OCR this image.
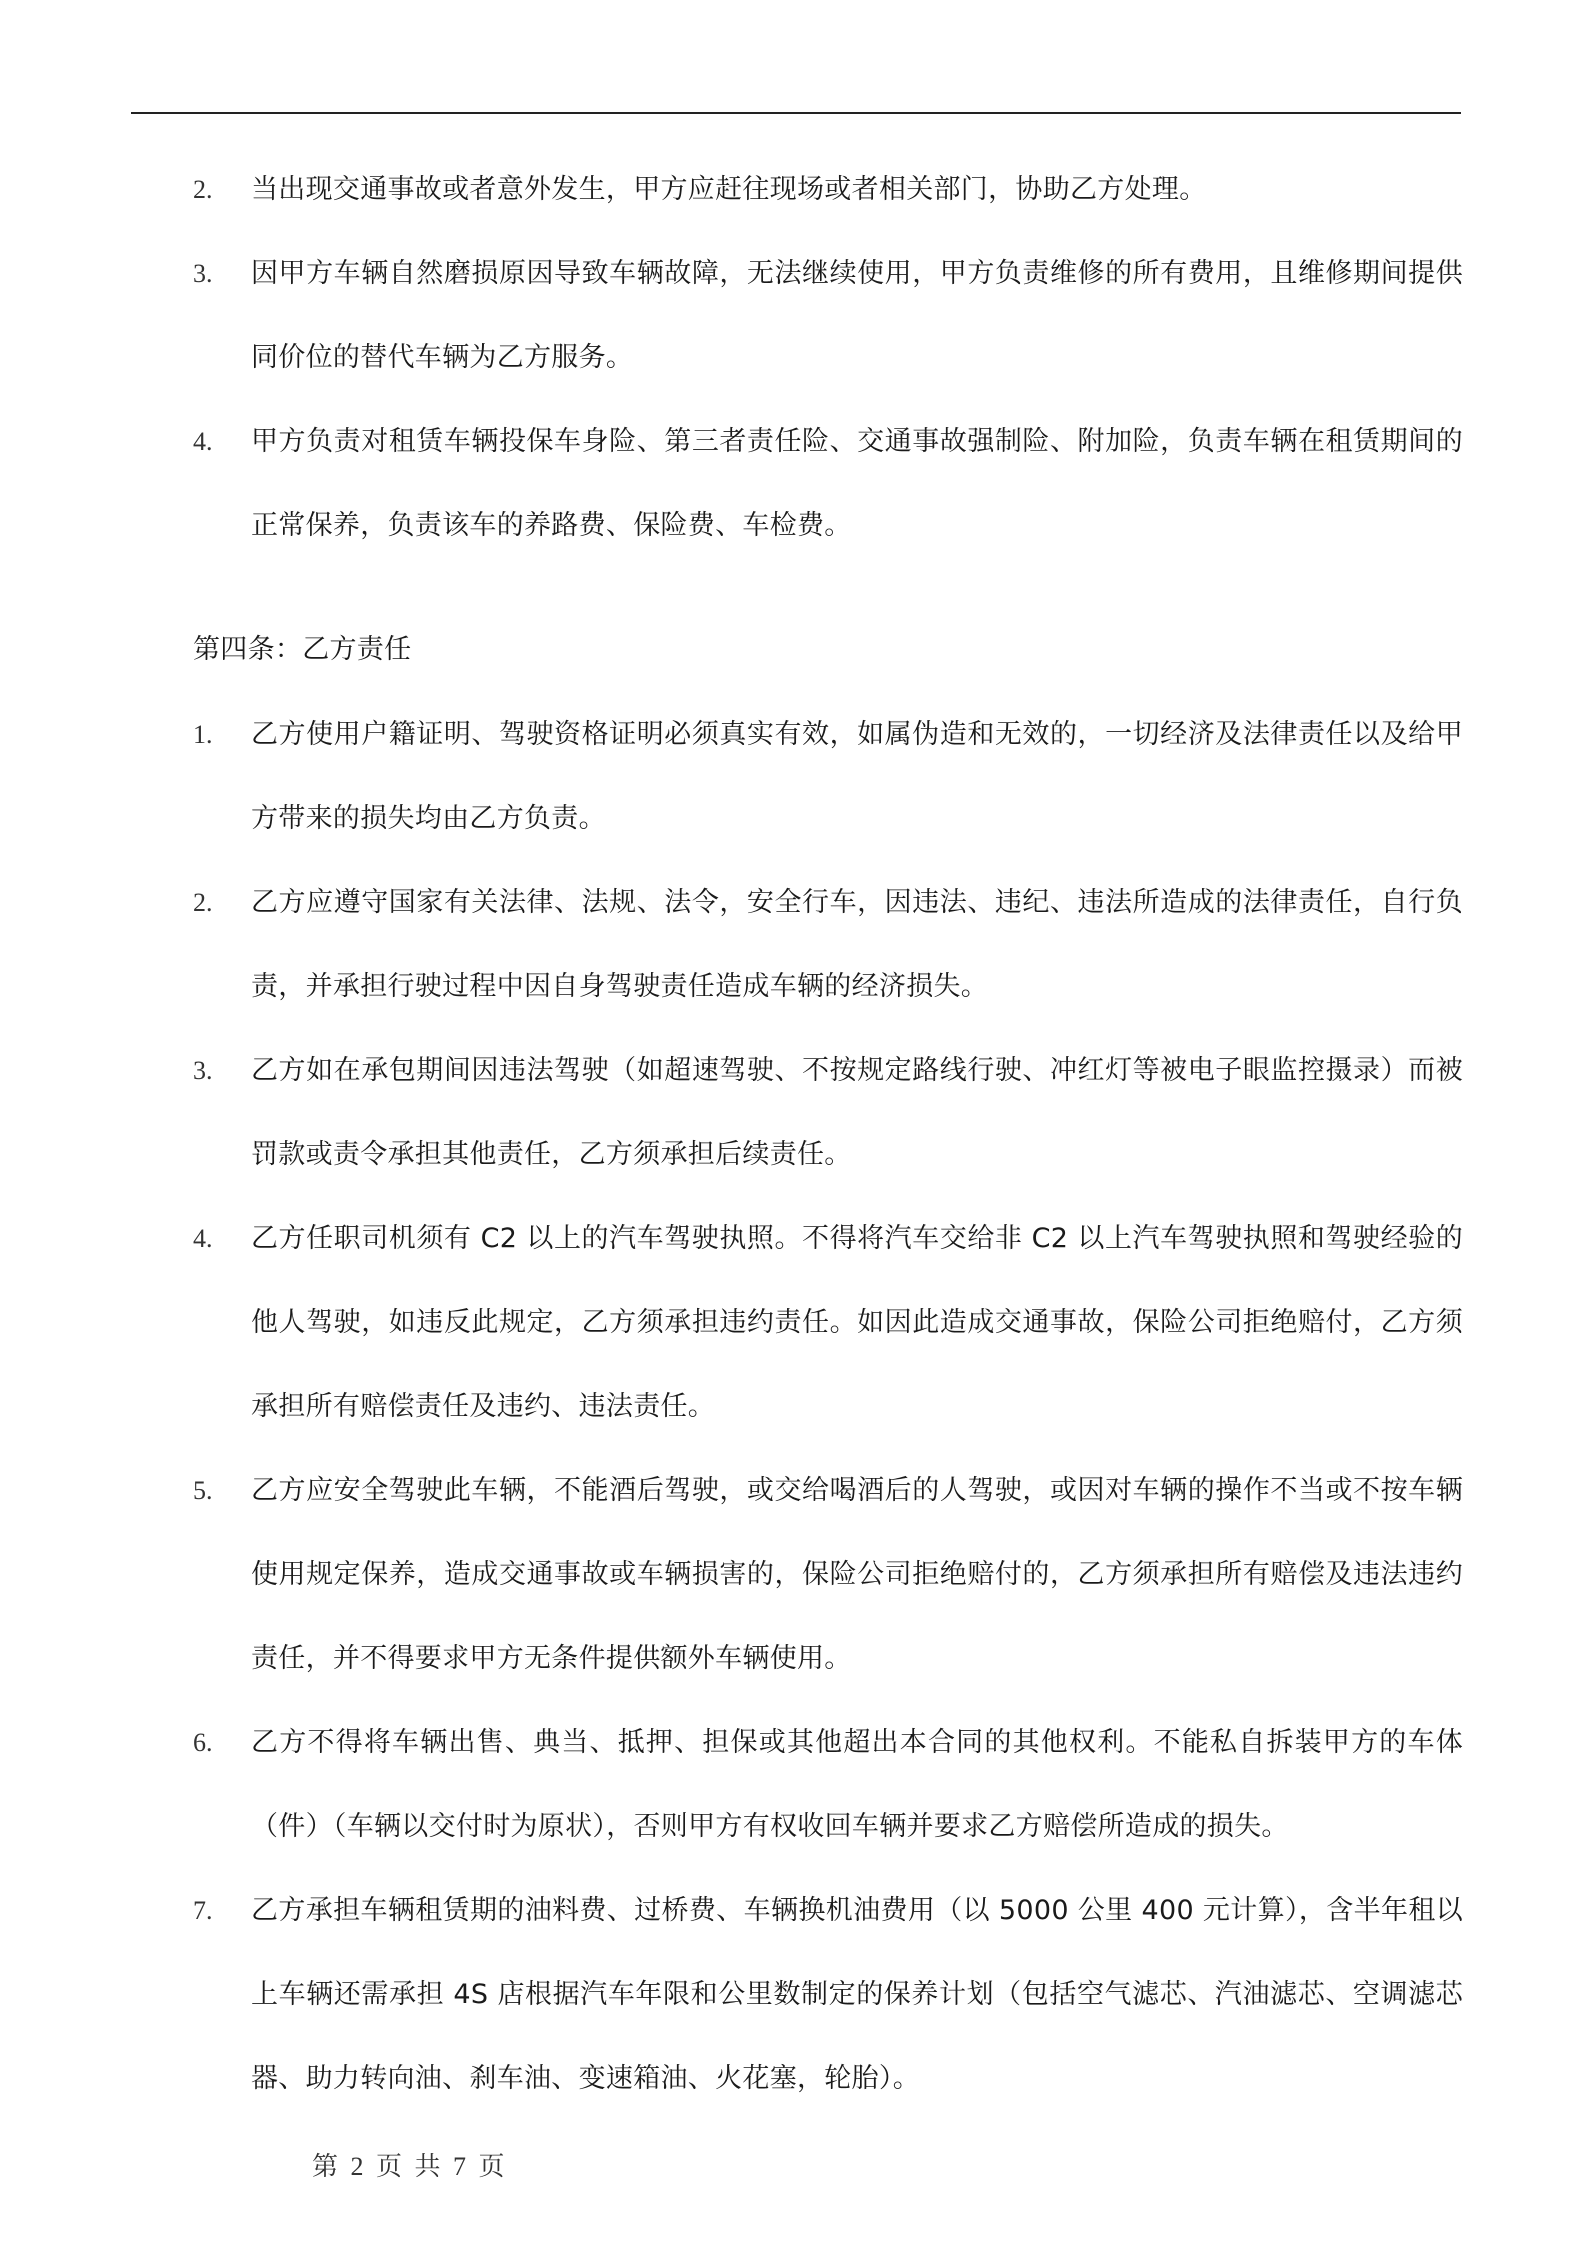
2.	当出现交通事故或者意外发生，甲方应赶往现场或者相关部门，协助乙方处理。
3.	因甲方车辆自然磨损原因导致车辆故障，无法继续使用，甲方负责维修的所有费用，且维修期间提供同价位的替代车辆为乙方服务。
4.	甲方负责对租赁车辆投保车身险、第三者责任险、交通事故强制险、附加险，负责车辆在租赁期间的正常保养，负责该车的养路费、保险费、车检费。
第四条：乙方责任
1.	乙方使用户籍证明、驾驶资格证明必须真实有效，如属伪造和无效的，一切经济及法律责任以及给甲方带来的损失均由乙方负责。
2.	乙方应遵守国家有关法律、法规、法令，安全行车，因违法、违纪、违法所造成的法律责任，自行负责，并承担行驶过程中因自身驾驶责任造成车辆的经济损失。
3.	乙方如在承包期间因违法驾驶（如超速驾驶、不按规定路线行驶、冲红灯等被电子眼监控摄录）而被罚款或责令承担其他责任，乙方须承担后续责任。
4.	乙方任职司机须有 C2 以上的汽车驾驶执照。不得将汽车交给非 C2 以上汽车驾驶执照和驾驶经验的他人驾驶，如违反此规定，乙方须承担违约责任。如因此造成交通事故，保险公司拒绝赔付，乙方须承担所有赔偿责任及违约、违法责任。
5.	乙方应安全驾驶此车辆，不能酒后驾驶，或交给喝酒后的人驾驶，或因对车辆的操作不当或不按车辆使用规定保养，造成交通事故或车辆损害的，保险公司拒绝赔付的，乙方须承担所有赔偿及违法违约责任，并不得要求甲方无条件提供额外车辆使用。
6.	乙方不得将车辆出售、典当、抵押、担保或其他超出本合同的其他权利。不能私自拆装甲方的车体（件）（车辆以交付时为原状），否则甲方有权收回车辆并要求乙方赔偿所造成的损失。
7.	乙方承担车辆租赁期的油料费、过桥费、车辆换机油费用（以 5000 公里 400 元计算），含半年租以上车辆还需承担 4S 店根据汽车年限和公里数制定的保养计划（包括空气滤芯、汽油滤芯、空调滤芯器、助力转向油、刹车油、变速箱油、火花塞，轮胎）。
第 2 页 共 7 页
